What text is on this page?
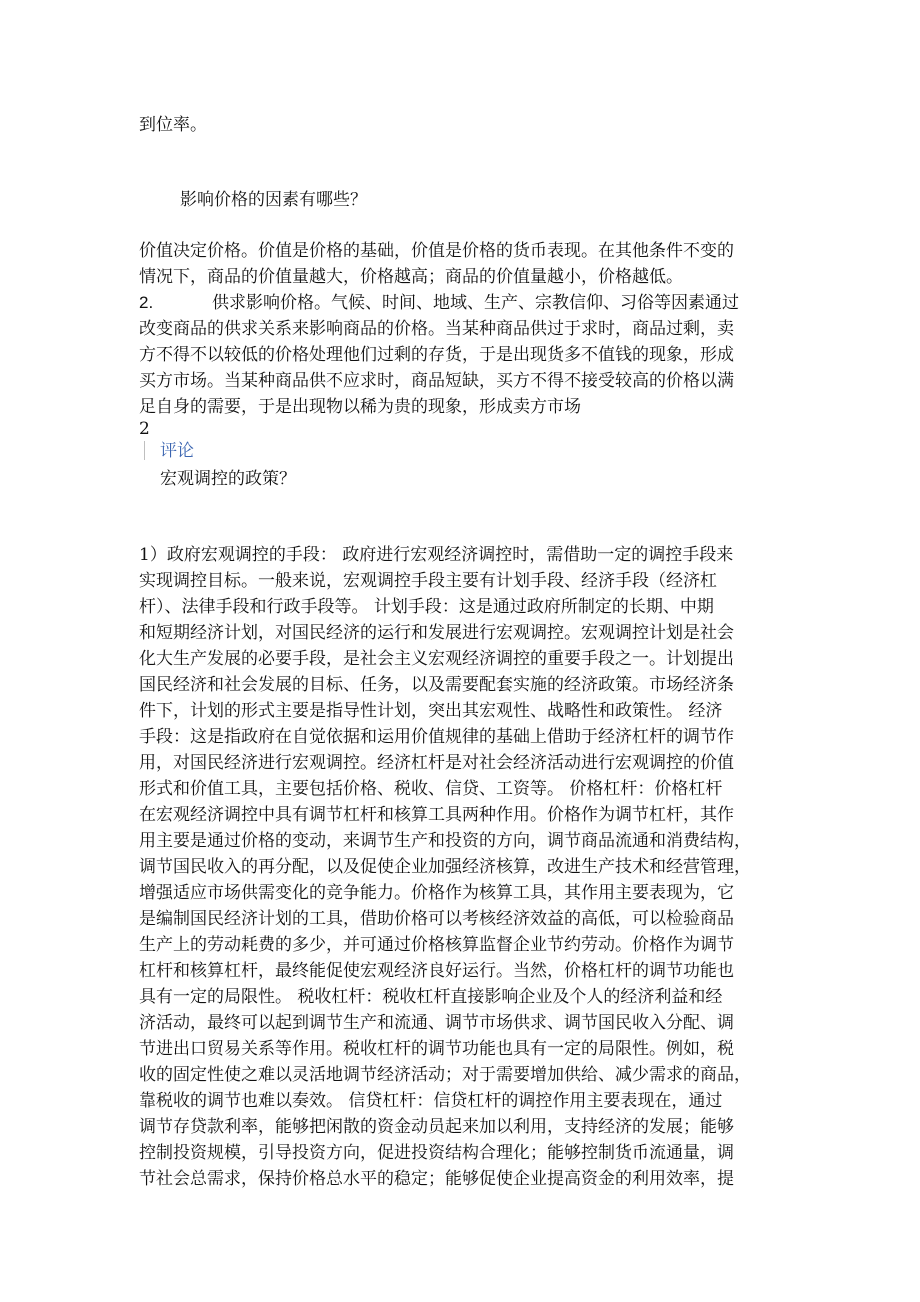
到位率。
影响价格的因素有哪些？
价值决定价格。价值是价格的基础，价值是价格的货币表现。在其他条件不变的
情况下，商品的价值量越大，价格越高；商品的价值量越小，价格越低。
2.	供求影响价格。气候、时间、地域、生产、宗教信仰、习俗等因素通过
改变商品的供求关系来影响商品的价格。当某种商品供过于求时，商品过剩，卖
方不得不以较低的价格处理他们过剩的存货，于是出现货多不值钱的现象，形成
买方市场。当某种商品供不应求时，商品短缺，买方不得不接受较高的价格以满
足自身的需要，于是出现物以稀为贵的现象，形成卖方市场
2
评论
宏观调控的政策？
1）政府宏观调控的手段： 政府进行宏观经济调控时，需借助一定的调控手段来
实现调控目标。一般来说，宏观调控手段主要有计划手段、经济手段（经济杠
杆）、法律手段和行政手段等。 计划手段：这是通过政府所制定的长期、中期
和短期经济计划，对国民经济的运行和发展进行宏观调控。宏观调控计划是社会
化大生产发展的必要手段，是社会主义宏观经济调控的重要手段之一。计划提出
国民经济和社会发展的目标、任务，以及需要配套实施的经济政策。市场经济条
件下，计划的形式主要是指导性计划，突出其宏观性、战略性和政策性。 经济
手段：这是指政府在自觉依据和运用价值规律的基础上借助于经济杠杆的调节作
用，对国民经济进行宏观调控。经济杠杆是对社会经济活动进行宏观调控的价值
形式和价值工具，主要包括价格、税收、信贷、工资等。 价格杠杆：价格杠杆
在宏观经济调控中具有调节杠杆和核算工具两种作用。价格作为调节杠杆，其作
用主要是通过价格的变动，来调节生产和投资的方向，调节商品流通和消费结构，
调节国民收入的再分配，以及促使企业加强经济核算，改进生产技术和经营管理，
增强适应市场供需变化的竞争能力。价格作为核算工具，其作用主要表现为，它
是编制国民经济计划的工具，借助价格可以考核经济效益的高低，可以检验商品
生产上的劳动耗费的多少，并可通过价格核算监督企业节约劳动。价格作为调节
杠杆和核算杠杆，最终能促使宏观经济良好运行。当然，价格杠杆的调节功能也
具有一定的局限性。 税收杠杆：税收杠杆直接影响企业及个人的经济利益和经
济活动，最终可以起到调节生产和流通、调节市场供求、调节国民收入分配、调
节进出口贸易关系等作用。税收杠杆的调节功能也具有一定的局限性。例如，税
收的固定性使之难以灵活地调节经济活动；对于需要增加供给、减少需求的商品，
靠税收的调节也难以奏效。 信贷杠杆：信贷杠杆的调控作用主要表现在，通过
调节存贷款利率，能够把闲散的资金动员起来加以利用，支持经济的发展；能够
控制投资规模，引导投资方向，促进投资结构合理化；能够控制货币流通量，调
节社会总需求，保持价格总水平的稳定；能够促使企业提高资金的利用效率，提
